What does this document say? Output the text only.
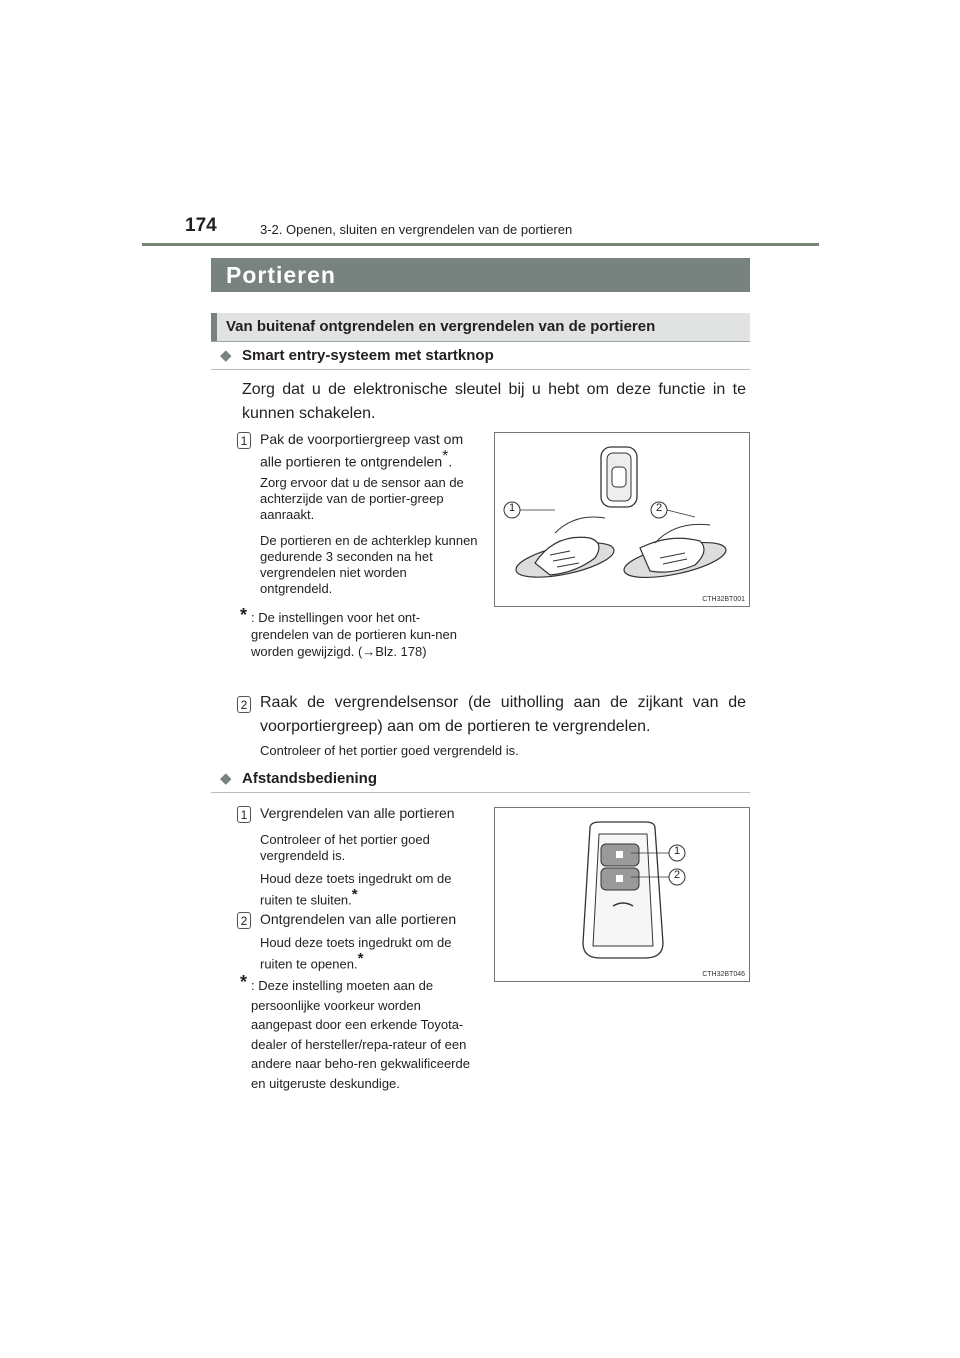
174	3-2. Openen, sluiten en vergrendelen van de portieren
Portieren
Van buitenaf ontgrendelen en vergrendelen van de portieren
◆ Smart entry-systeem met startknop
Zorg dat u de elektronische sleutel bij u hebt om deze functie in te kunnen schakelen.
1 Pak de voorportiergreep vast om alle portieren te ontgrendelen*.
Zorg ervoor dat u de sensor aan de achterzijde van de portier-greep aanraakt.
De portieren en de achterklep kunnen gedurende 3 seconden na het vergrendelen niet worden ontgrendeld.
* : De instellingen voor het ont-grendelen van de portieren kun-nen worden gewijzigd. (→Blz. 178)
1	2
CTH32BT001
2 Raak de vergrendelsensor (de uitholling aan de zijkant van de voorportiergreep) aan om de portieren te vergrendelen.
Controleer of het portier goed vergrendeld is.
◆ Afstandsbediening
1 Vergrendelen van alle portieren
Controleer of het portier goed vergrendeld is.
Houd deze toets ingedrukt om de ruiten te sluiten.*
2 Ontgrendelen van alle portieren
Houd deze toets ingedrukt om de ruiten te openen.*
* : Deze instelling moeten aan de persoonlijke voorkeur worden aangepast door een erkende Toyota-dealer of hersteller/repa-rateur of een andere naar beho-ren gekwalificeerde en uitgeruste deskundige.
1
2
CTH32BT046
